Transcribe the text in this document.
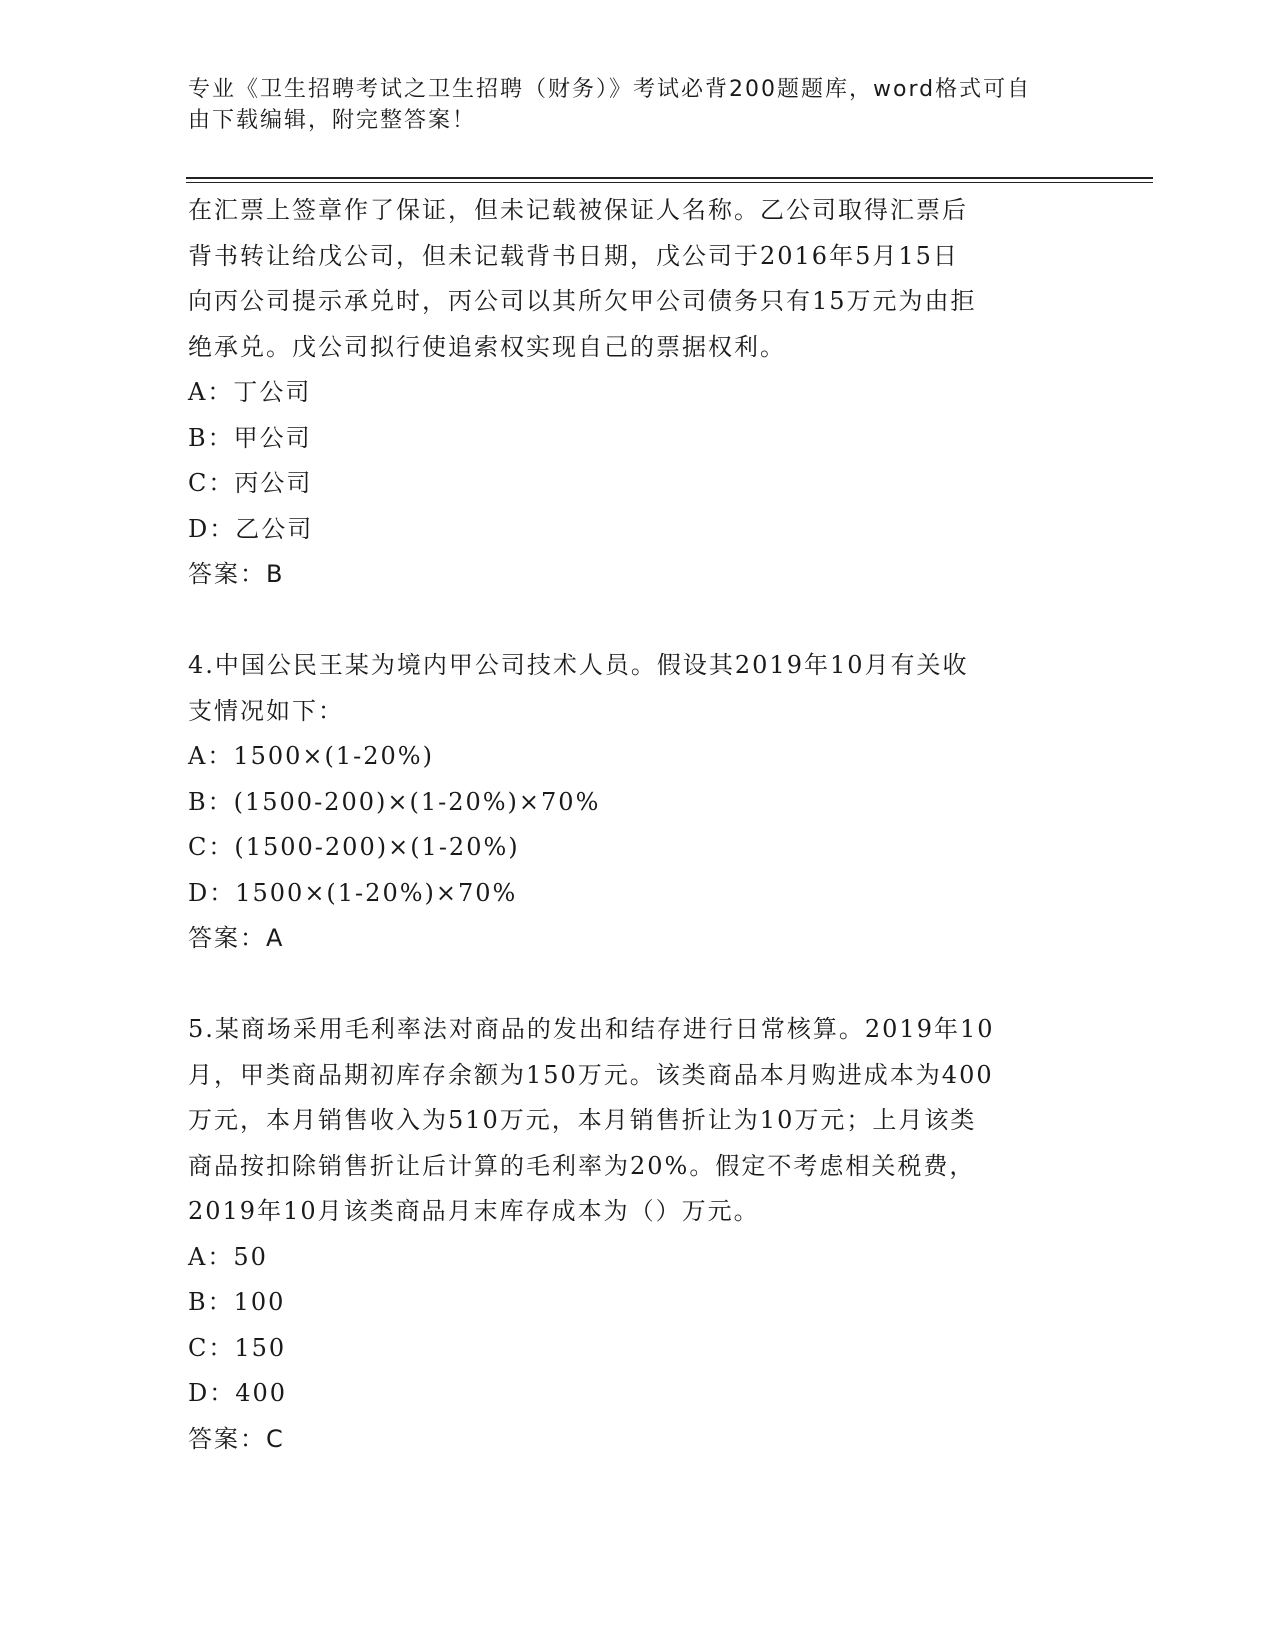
专业《卫生招聘考试之卫生招聘（财务）》考试必背200题题库，word格式可自
由下载编辑，附完整答案！

在汇票上签章作了保证，但未记载被保证人名称。乙公司取得汇票后

背书转让给戊公司，但未记载背书日期，戊公司于2016年5月15日

向丙公司提示承兑时，丙公司以其所欠甲公司债务只有15万元为由拒

绝承兑。戊公司拟行使追索权实现自己的票据权利。

A：丁公司

B：甲公司

C：丙公司

D：乙公司

答案：B

4.中国公民王某为境内甲公司技术人员。假设其2019年10月有关收

支情况如下：

A：1500×(1-20%)

B：(1500-200)×(1-20%)×70%

C：(1500-200)×(1-20%)

D：1500×(1-20%)×70%

答案：A

5.某商场采用毛利率法对商品的发出和结存进行日常核算。2019年10

月，甲类商品期初库存余额为150万元。该类商品本月购进成本为400

万元，本月销售收入为510万元，本月销售折让为10万元；上月该类

商品按扣除销售折让后计算的毛利率为20%。假定不考虑相关税费，

2019年10月该类商品月末库存成本为（）万元。

A：50

B：100

C：150

D：400

答案：C
